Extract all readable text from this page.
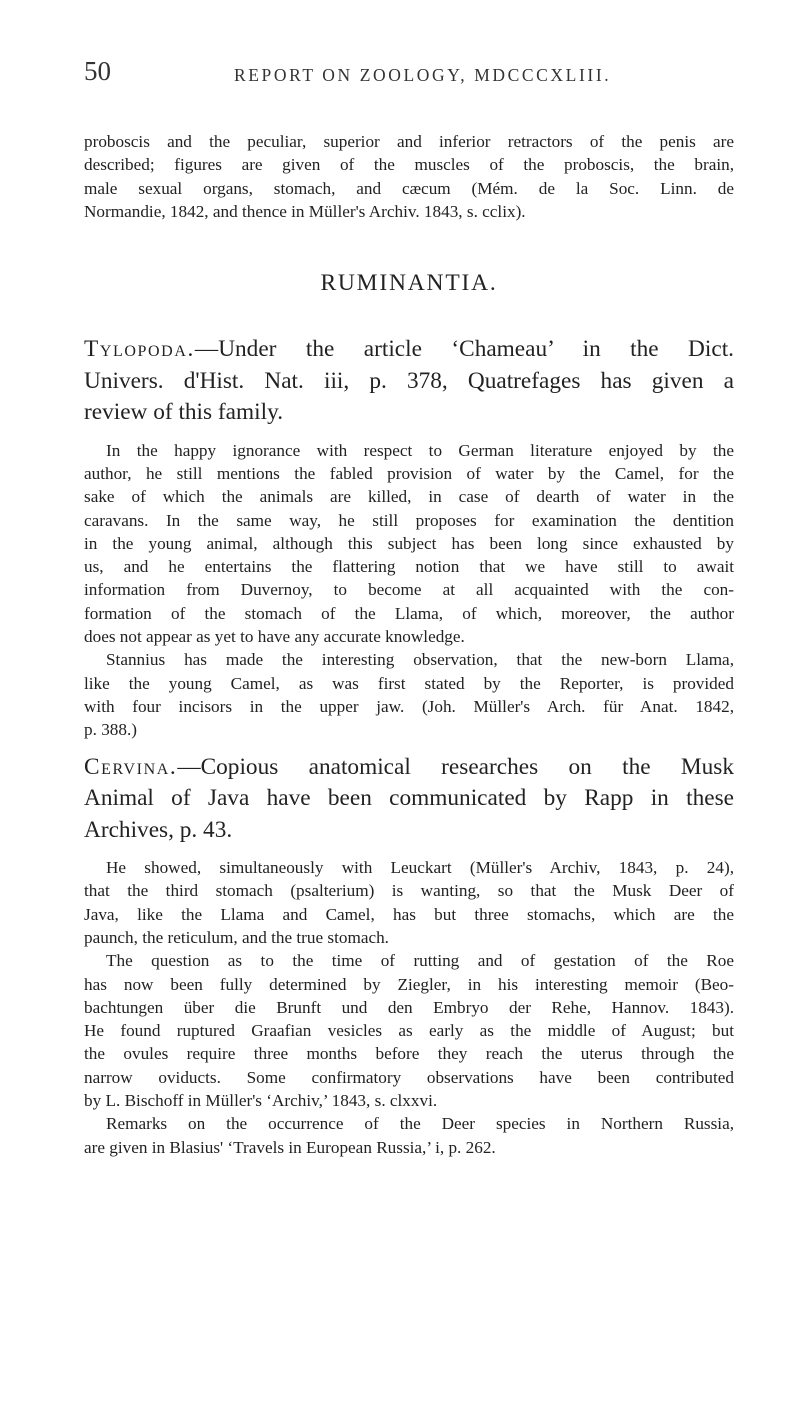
50	REPORT ON ZOOLOGY, MDCCCXLIII.

proboscis and the peculiar, superior and inferior retractors of the penis are

described; figures are given of the muscles of the proboscis, the brain,

male sexual organs, stomach, and cæcum (Mém. de la Soc. Linn. de

Normandie, 1842, and thence in Müller's Archiv. 1843, s. cclix).

RUMINANTIA.

Tylopoda.—Under the article ‘Chameau’ in the Dict.

Univers. d'Hist. Nat. iii, p. 378, Quatrefages has given a

review of this family.

In the happy ignorance with respect to German literature enjoyed by the

author, he still mentions the fabled provision of water by the Camel, for the

sake of which the animals are killed, in case of dearth of water in the

caravans. In the same way, he still proposes for examination the dentition

in the young animal, although this subject has been long since exhausted by

us, and he entertains the flattering notion that we have still to await

information from Duvernoy, to become at all acquainted with the con-

formation of the stomach of the Llama, of which, moreover, the author

does not appear as yet to have any accurate knowledge.

Stannius has made the interesting observation, that the new-born Llama,

like the young Camel, as was first stated by the Reporter, is provided

with four incisors in the upper jaw. (Joh. Müller's Arch. für Anat. 1842,

p. 388.)

Cervina.—Copious anatomical researches on the Musk

Animal of Java have been communicated by Rapp in these

Archives, p. 43.

He showed, simultaneously with Leuckart (Müller's Archiv, 1843, p. 24),

that the third stomach (psalterium) is wanting, so that the Musk Deer of

Java, like the Llama and Camel, has but three stomachs, which are the

paunch, the reticulum, and the true stomach.

The question as to the time of rutting and of gestation of the Roe

has now been fully determined by Ziegler, in his interesting memoir (Beo-

bachtungen über die Brunft und den Embryo der Rehe, Hannov. 1843).

He found ruptured Graafian vesicles as early as the middle of August; but

the ovules require three months before they reach the uterus through the

narrow oviducts. Some confirmatory observations have been contributed

by L. Bischoff in Müller's ‘Archiv,’ 1843, s. clxxvi.

Remarks on the occurrence of the Deer species in Northern Russia,

are given in Blasius' ‘Travels in European Russia,’ i, p. 262.
